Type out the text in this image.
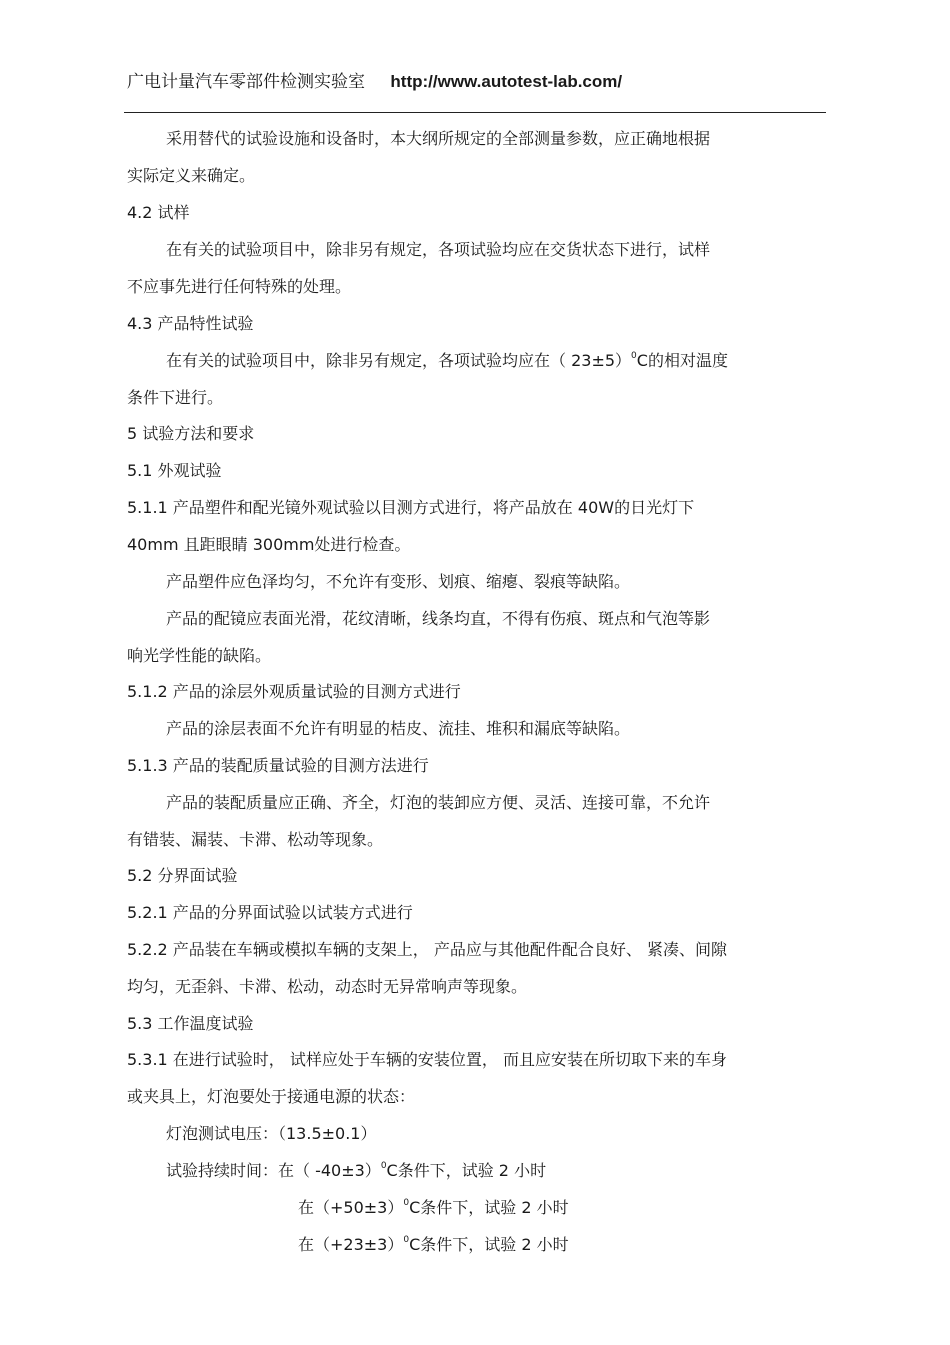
广电计量汽车零部件检测实验室 http://www.autotest-lab.com/
采用替代的试验设施和设备时，本大纲所规定的全部测量参数，应正确地根据
实际定义来确定。
4.2 试样
在有关的试验项目中，除非另有规定，各项试验均应在交货状态下进行，试样
不应事先进行任何特殊的处理。
4.3 产品特性试验
在有关的试验项目中，除非另有规定，各项试验均应在（ 23±5）$^0$C的相对温度
条件下进行。
5 试验方法和要求
5.1 外观试验
5.1.1 产品塑件和配光镜外观试验以目测方式进行，将产品放在 40W的日光灯下
40mm 且距眼睛 300mm处进行检查。
产品塑件应色泽均匀，不允许有变形、划痕、缩瘪、裂痕等缺陷。
产品的配镜应表面光滑，花纹清晰，线条均直，不得有伤痕、斑点和气泡等影
响光学性能的缺陷。
5.1.2 产品的涂层外观质量试验的目测方式进行
产品的涂层表面不允许有明显的桔皮、流挂、堆积和漏底等缺陷。
5.1.3 产品的装配质量试验的目测方法进行
产品的装配质量应正确、齐全，灯泡的装卸应方便、灵活、连接可靠，不允许
有错装、漏装、卡滞、松动等现象。
5.2 分界面试验
5.2.1 产品的分界面试验以试装方式进行
5.2.2 产品装在车辆或模拟车辆的支架上， 产品应与其他配件配合良好、 紧凑、间隙
均匀，无歪斜、卡滞、松动，动态时无异常响声等现象。
5.3 工作温度试验
5.3.1 在进行试验时， 试样应处于车辆的安装位置， 而且应安装在所切取下来的车身
或夹具上，灯泡要处于接通电源的状态：
灯泡测试电压：（13.5±0.1）
试验持续时间：在（ -40±3）$^0$C条件下，试验 2 小时
在$(+50\pm 3)^0C$条件下，试验 2 小时
在$(+23\pm 3)^0C$条件下，试验 2 小时
